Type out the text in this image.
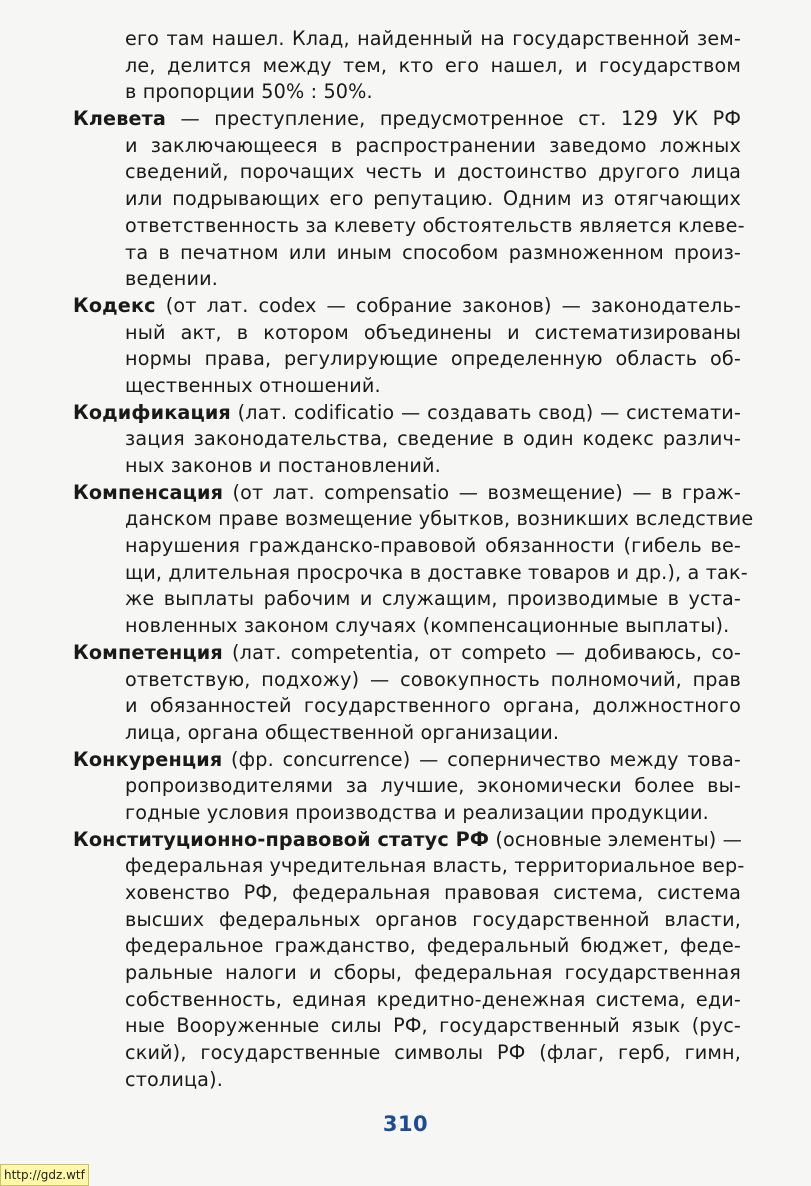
его там нашел. Клад, найденный на государственной зем-
ле, делится между тем, кто его нашел, и государством
в пропорции 50% : 50%.
Клевета — преступление, предусмотренное ст. 129 УК РФ
и заключающееся в распространении заведомо ложных
сведений, порочащих честь и достоинство другого лица
или подрывающих его репутацию. Одним из отягчающих
ответственность за клевету обстоятельств является клеве-
та в печатном или иным способом размноженном произ-
ведении.
Кодекс (от лат. codex — собрание законов) — законодатель-
ный акт, в котором объединены и систематизированы
нормы права, регулирующие определенную область об-
щественных отношений.
Кодификация (лат. codificatio — создавать свод) — системати-
зация законодательства, сведение в один кодекс различ-
ных законов и постановлений.
Компенсация (от лат. compensatio — возмещение) — в граж-
данском праве возмещение убытков, возникших вследствие
нарушения гражданско-правовой обязанности (гибель ве-
щи, длительная просрочка в доставке товаров и др.), а так-
же выплаты рабочим и служащим, производимые в уста-
новленных законом случаях (компенсационные выплаты).
Компетенция (лат. competentia, от competo — добиваюсь, со-
ответствую, подхожу) — совокупность полномочий, прав
и обязанностей государственного органа, должностного
лица, органа общественной организации.
Конкуренция (фр. concurrence) — соперничество между това-
ропроизводителями за лучшие, экономически более вы-
годные условия производства и реализации продукции.
Конституционно-правовой статус РФ (основные элементы) —
федеральная учредительная власть, территориальное вер-
ховенство РФ, федеральная правовая система, система
высших федеральных органов государственной власти,
федеральное гражданство, федеральный бюджет, феде-
ральные налоги и сборы, федеральная государственная
собственность, единая кредитно-денежная система, еди-
ные Вооруженные силы РФ, государственный язык (рус-
ский), государственные символы РФ (флаг, герб, гимн,
столица).
310
http://gdz.wtf
